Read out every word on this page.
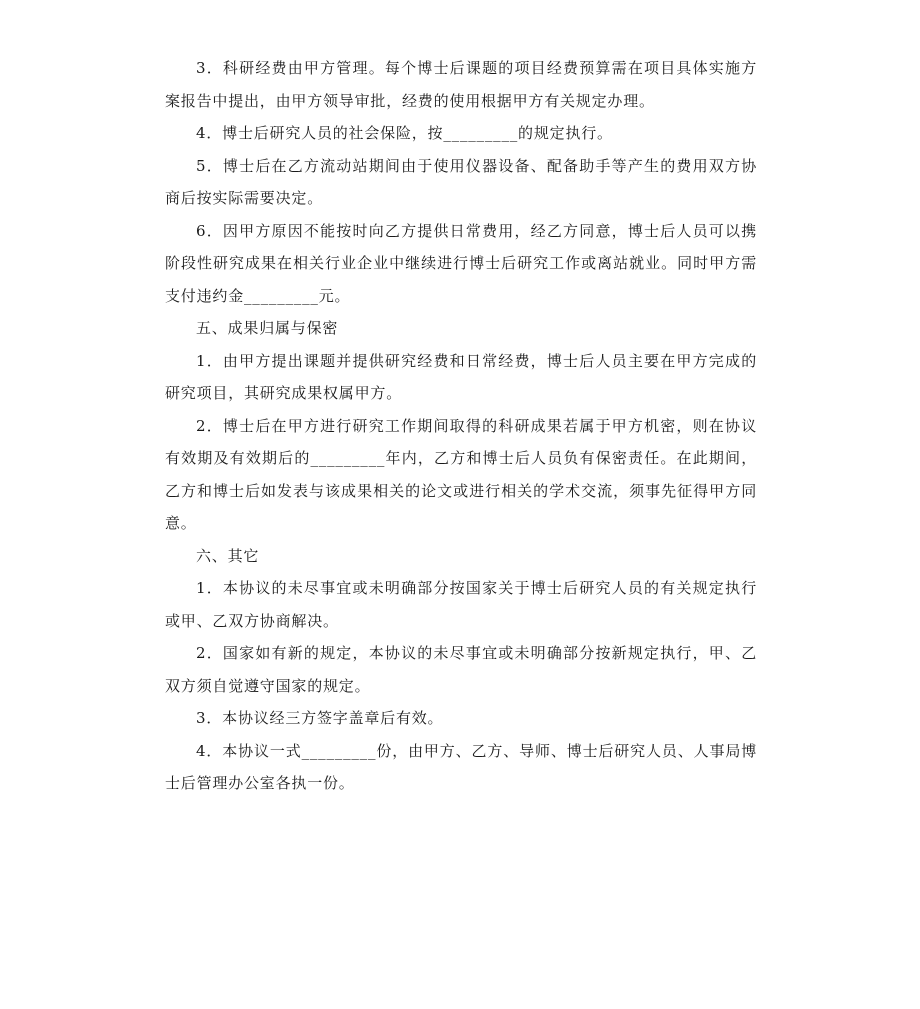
3．科研经费由甲方管理。每个博士后课题的项目经费预算需在项目具体实施方案报告中提出，由甲方领导审批，经费的使用根据甲方有关规定办理。

4．博士后研究人员的社会保险，按_________的规定执行。

5．博士后在乙方流动站期间由于使用仪器设备、配备助手等产生的费用双方协商后按实际需要决定。

6．因甲方原因不能按时向乙方提供日常费用，经乙方同意，博士后人员可以携阶段性研究成果在相关行业企业中继续进行博士后研究工作或离站就业。同时甲方需支付违约金_________元。

五、成果归属与保密

1．由甲方提出课题并提供研究经费和日常经费，博士后人员主要在甲方完成的研究项目，其研究成果权属甲方。

2．博士后在甲方进行研究工作期间取得的科研成果若属于甲方机密，则在协议有效期及有效期后的_________年内，乙方和博士后人员负有保密责任。在此期间，乙方和博士后如发表与该成果相关的论文或进行相关的学术交流，须事先征得甲方同意。

六、其它

1．本协议的未尽事宜或未明确部分按国家关于博士后研究人员的有关规定执行或甲、乙双方协商解决。

2．国家如有新的规定，本协议的未尽事宜或未明确部分按新规定执行，甲、乙双方须自觉遵守国家的规定。

3．本协议经三方签字盖章后有效。

4．本协议一式_________份，由甲方、乙方、导师、博士后研究人员、人事局博士后管理办公室各执一份。
